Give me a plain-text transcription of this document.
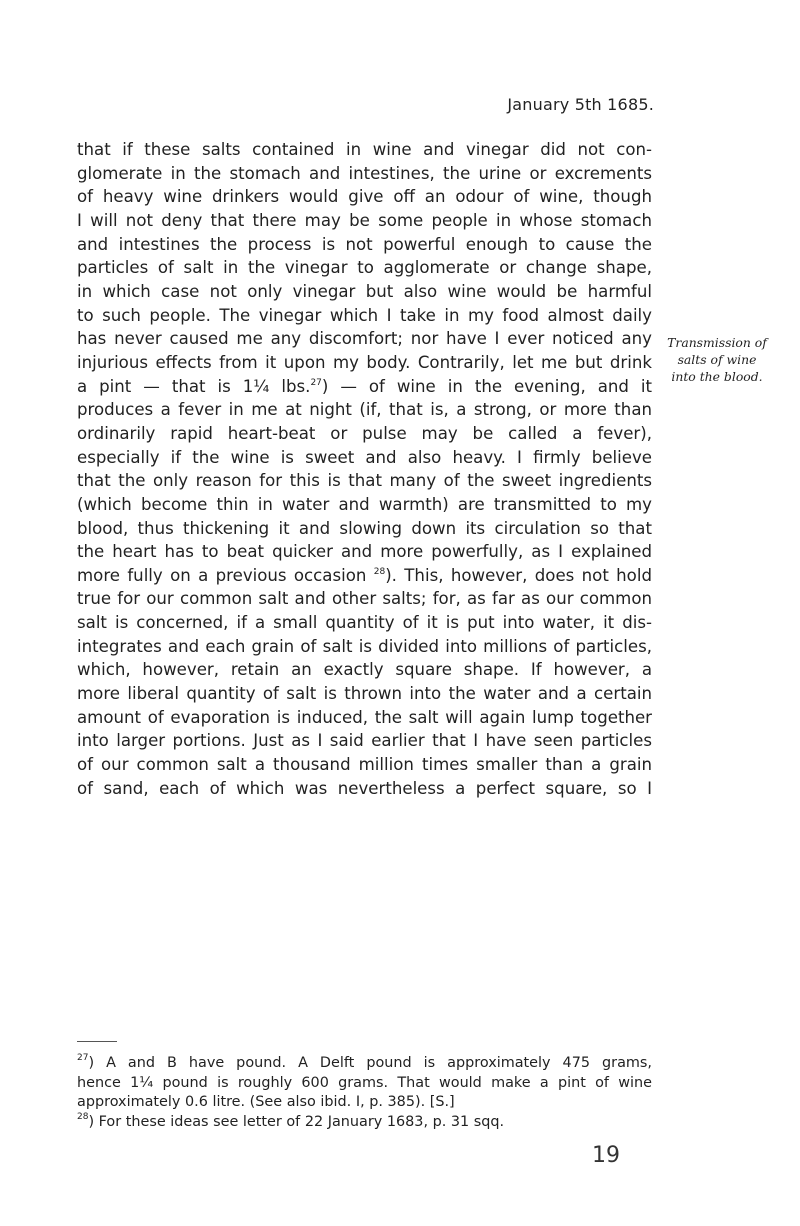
January 5th 1685.
that if these salts contained in wine and vinegar did not con-
glomerate in the stomach and intestines, the urine or excrements
of heavy wine drinkers would give off an odour of wine, though
I will not deny that there may be some people in whose stomach
and intestines the process is not powerful enough to cause the
particles of salt in the vinegar to agglomerate or change shape,
in which case not only vinegar but also wine would be harmful
to such people. The vinegar which I take in my food almost daily
has never caused me any discomfort; nor have I ever noticed any
injurious effects from it upon my body. Contrarily, let me but drink
a pint — that is 1¼ lbs.$^{27}$) — of wine in the evening, and it
produces a fever in me at night (if, that is, a strong, or more than
ordinarily rapid heart-beat or pulse may be called a fever),
especially if the wine is sweet and also heavy. I firmly believe
that the only reason for this is that many of the sweet ingredients
(which become thin in water and warmth) are transmitted to my
blood, thus thickening it and slowing down its circulation so that
the heart has to beat quicker and more powerfully, as I explained
more fully on a previous occasion $^{28}$). This, however, does not hold
true for our common salt and other salts; for, as far as our common
salt is concerned, if a small quantity of it is put into water, it dis-
integrates and each grain of salt is divided into millions of particles,
which, however, retain an exactly square shape. If however, a
more liberal quantity of salt is thrown into the water and a certain
amount of evaporation is induced, the salt will again lump together
into larger portions. Just as I said earlier that I have seen particles
of our common salt a thousand million times smaller than a grain
of sand, each of which was nevertheless a perfect square, so I
Transmission of
salts of wine
into the blood.
$^{27}$) A and B have pound. A Delft pound is approximately 475 grams,
hence 1¼ pound is roughly 600 grams. That would make a pint of wine
approximately 0.6 litre. (See also ibid. I, p. 385). [S.]
$^{28}$) For these ideas see letter of 22 January 1683, p. 31 sqq.
19
